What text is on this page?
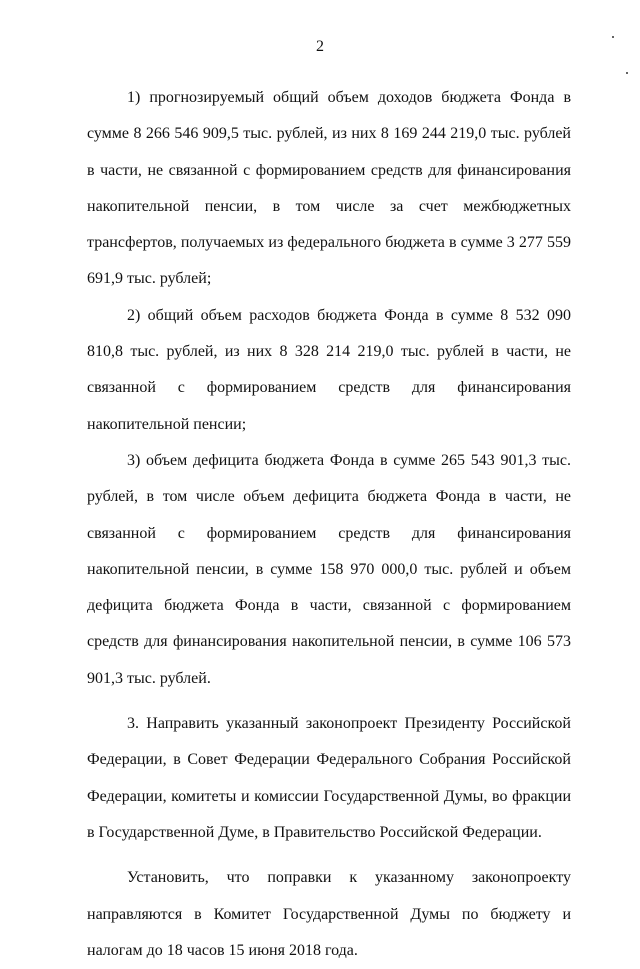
2

1) прогнозируемый общий объем доходов бюджета Фонда в сумме 8 266 546 909,5 тыс. рублей, из них 8 169 244 219,0 тыс. рублей в части, не связанной с формированием средств для финансирования накопительной пенсии, в том числе за счет межбюджетных трансфертов, получаемых из федерального бюджета в сумме 3 277 559 691,9 тыс. рублей;

2) общий объем расходов бюджета Фонда в сумме 8 532 090 810,8 тыс. рублей, из них 8 328 214 219,0 тыс. рублей в части, не связанной с формированием средств для финансирования накопительной пенсии;

3) объем дефицита бюджета Фонда в сумме 265 543 901,3 тыс. рублей, в том числе объем дефицита бюджета Фонда в части, не связанной с формированием средств для финансирования накопительной пенсии, в сумме 158 970 000,0 тыс. рублей и объем дефицита бюджета Фонда в части, связанной с формированием средств для финансирования накопительной пенсии, в сумме 106 573 901,3 тыс. рублей.

3. Направить указанный законопроект Президенту Российской Федерации, в Совет Федерации Федерального Собрания Российской Федерации, комитеты и комиссии Государственной Думы, во фракции в Государственной Думе, в Правительство Российской Федерации.

Установить, что поправки к указанному законопроекту направляются в Комитет Государственной Думы по бюджету и налогам до 18 часов 15 июня 2018 года.
